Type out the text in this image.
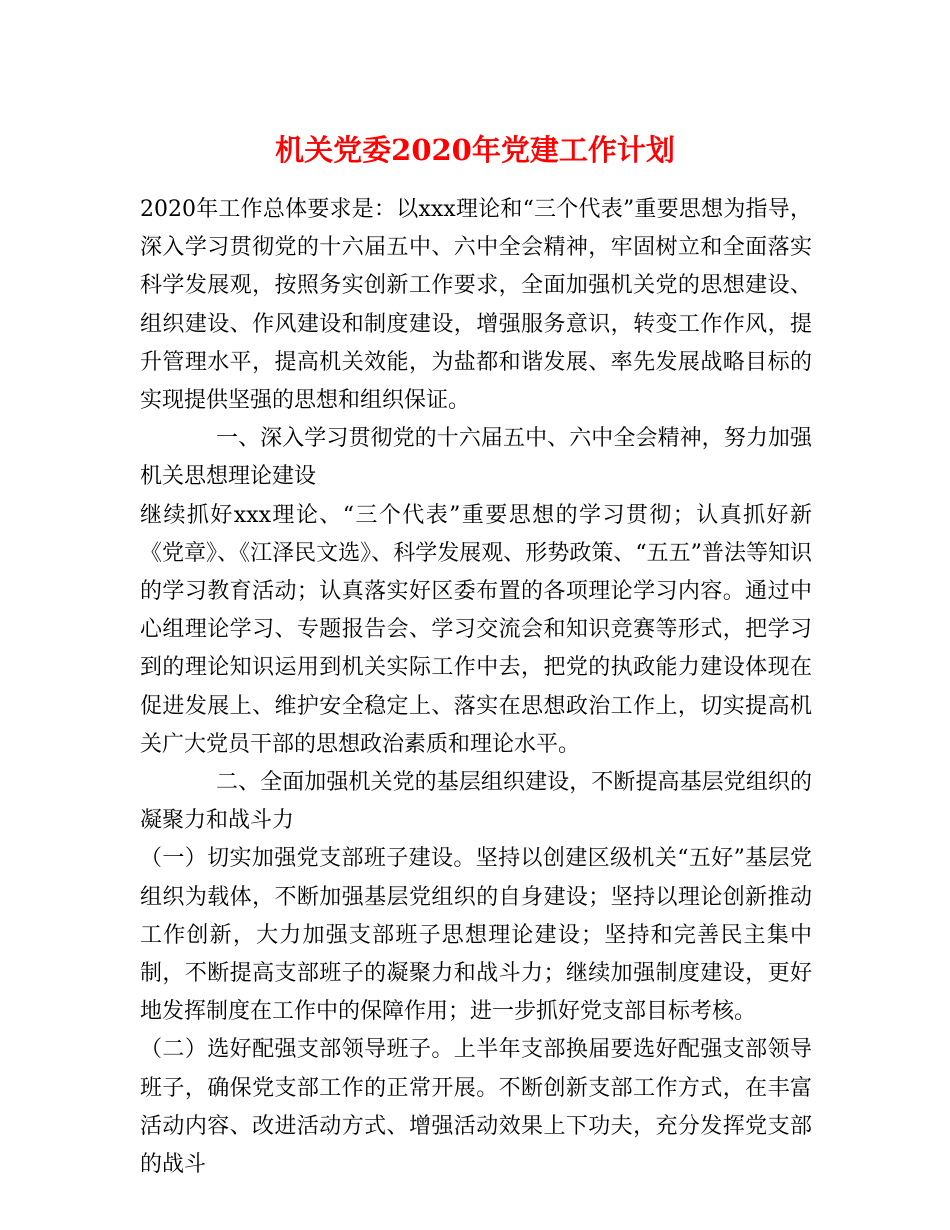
机关党委2020年党建工作计划

2020年工作总体要求是：以xxx理论和“三个代表”重要思想为指导，深入学习贯彻党的十六届五中、六中全会精神，牢固树立和全面落实科学发展观，按照务实创新工作要求，全面加强机关党的思想建设、组织建设、作风建设和制度建设，增强服务意识，转变工作作风，提升管理水平，提高机关效能，为盐都和谐发展、率先发展战略目标的实现提供坚强的思想和组织保证。

一、深入学习贯彻党的十六届五中、六中全会精神，努力加强机关思想理论建设

继续抓好xxx理论、“三个代表”重要思想的学习贯彻；认真抓好新《党章》、《江泽民文选》、科学发展观、形势政策、“五五”普法等知识的学习教育活动；认真落实好区委布置的各项理论学习内容。通过中心组理论学习、专题报告会、学习交流会和知识竞赛等形式，把学习到的理论知识运用到机关实际工作中去，把党的执政能力建设体现在促进发展上、维护安全稳定上、落实在思想政治工作上，切实提高机关广大党员干部的思想政治素质和理论水平。

二、全面加强机关党的基层组织建设，不断提高基层党组织的凝聚力和战斗力

（一）切实加强党支部班子建设。坚持以创建区级机关“五好”基层党组织为载体，不断加强基层党组织的自身建设；坚持以理论创新推动工作创新，大力加强支部班子思想理论建设；坚持和完善民主集中制，不断提高支部班子的凝聚力和战斗力；继续加强制度建设，更好地发挥制度在工作中的保障作用；进一步抓好党支部目标考核。

（二）选好配强支部领导班子。上半年支部换届要选好配强支部领导班子，确保党支部工作的正常开展。不断创新支部工作方式，在丰富活动内容、改进活动方式、增强活动效果上下功夫，充分发挥党支部的战斗
